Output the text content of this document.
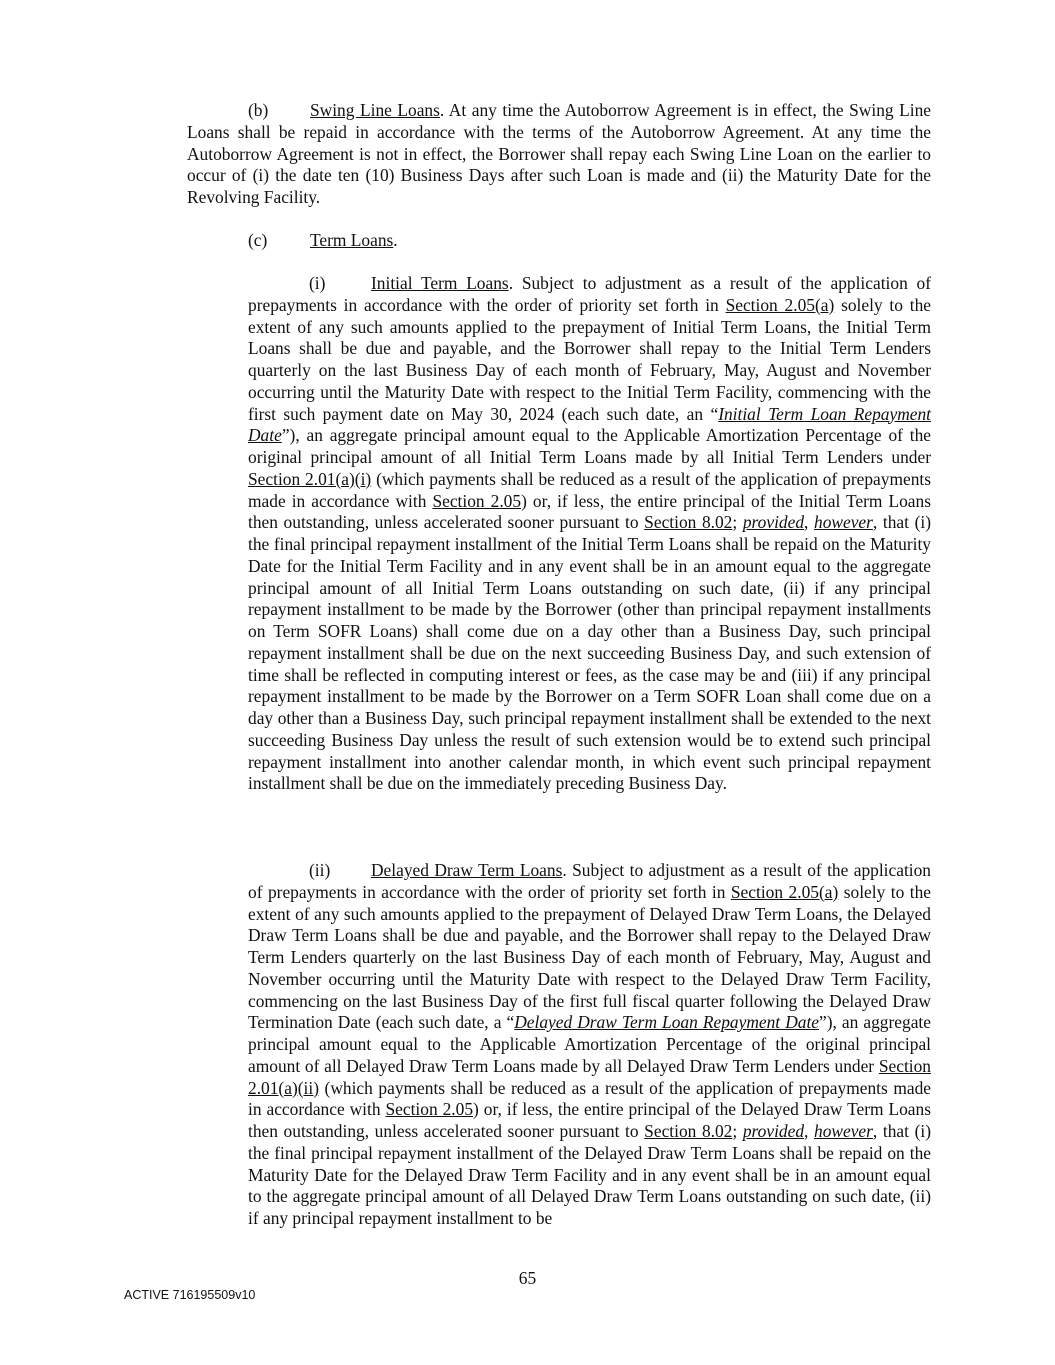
(b) Swing Line Loans. At any time the Autoborrow Agreement is in effect, the Swing Line Loans shall be repaid in accordance with the terms of the Autoborrow Agreement. At any time the Autoborrow Agreement is not in effect, the Borrower shall repay each Swing Line Loan on the earlier to occur of (i) the date ten (10) Business Days after such Loan is made and (ii) the Maturity Date for the Revolving Facility.

(c) Term Loans.

(i)	Initial Term Loans. Subject to adjustment as a result of the application of prepayments in accordance with the order of priority set forth in Section 2.05(a) solely to the extent of any such amounts applied to the prepayment of Initial Term Loans, the Initial Term Loans shall be due and payable, and the Borrower shall repay to the Initial Term Lenders quarterly on the last Business Day of each month of February, May, August and November occurring until the Maturity Date with respect to the Initial Term Facility, commencing with the first such payment date on May 30, 2024 (each such date, an “Initial Term Loan Repayment Date”), an aggregate principal amount equal to the Applicable Amortization Percentage of the original principal amount of all Initial Term Loans made by all Initial Term Lenders under Section 2.01(a)(i) (which payments shall be reduced as a result of the application of prepayments made in accordance with Section 2.05) or, if less, the entire principal of the Initial Term Loans then outstanding, unless accelerated sooner pursuant to Section 8.02; provided, however, that (i) the final principal repayment installment of the Initial Term Loans shall be repaid on the Maturity Date for the Initial Term Facility and in any event shall be in an amount equal to the aggregate principal amount of all Initial Term Loans outstanding on such date, (ii) if any principal repayment installment to be made by the Borrower (other than principal repayment installments on Term SOFR Loans) shall come due on a day other than a Business Day, such principal repayment installment shall be due on the next succeeding Business Day, and such extension of time shall be reflected in computing interest or fees, as the case may be and (iii) if any principal repayment installment to be made by the Borrower on a Term SOFR Loan shall come due on a day other than a Business Day, such principal repayment installment shall be extended to the next succeeding Business Day unless the result of such extension would be to extend such principal repayment installment into another calendar month, in which event such principal repayment installment shall be due on the immediately preceding Business Day.

(ii) Delayed Draw Term Loans. Subject to adjustment as a result of the application of prepayments in accordance with the order of priority set forth in Section 2.05(a) solely to the extent of any such amounts applied to the prepayment of Delayed Draw Term Loans, the Delayed Draw Term Loans shall be due and payable, and the Borrower shall repay to the Delayed Draw Term Lenders quarterly on the last Business Day of each month of February, May, August and November occurring until the Maturity Date with respect to the Delayed Draw Term Facility, commencing on the last Business Day of the first full fiscal quarter following the Delayed Draw Termination Date (each such date, a “Delayed Draw Term Loan Repayment Date”), an aggregate principal amount equal to the Applicable Amortization Percentage of the original principal amount of all Delayed Draw Term Loans made by all Delayed Draw Term Lenders under Section 2.01(a)(ii) (which payments shall be reduced as a result of the application of prepayments made in accordance with Section 2.05) or, if less, the entire principal of the Delayed Draw Term Loans then outstanding, unless accelerated sooner pursuant to Section 8.02; provided, however, that (i) the final principal repayment installment of the Delayed Draw Term Loans shall be repaid on the Maturity Date for the Delayed Draw Term Facility and in any event shall be in an amount equal to the aggregate principal amount of all Delayed Draw Term Loans outstanding on such date, (ii) if any principal repayment installment to be

65
ACTIVE 716195509v10
